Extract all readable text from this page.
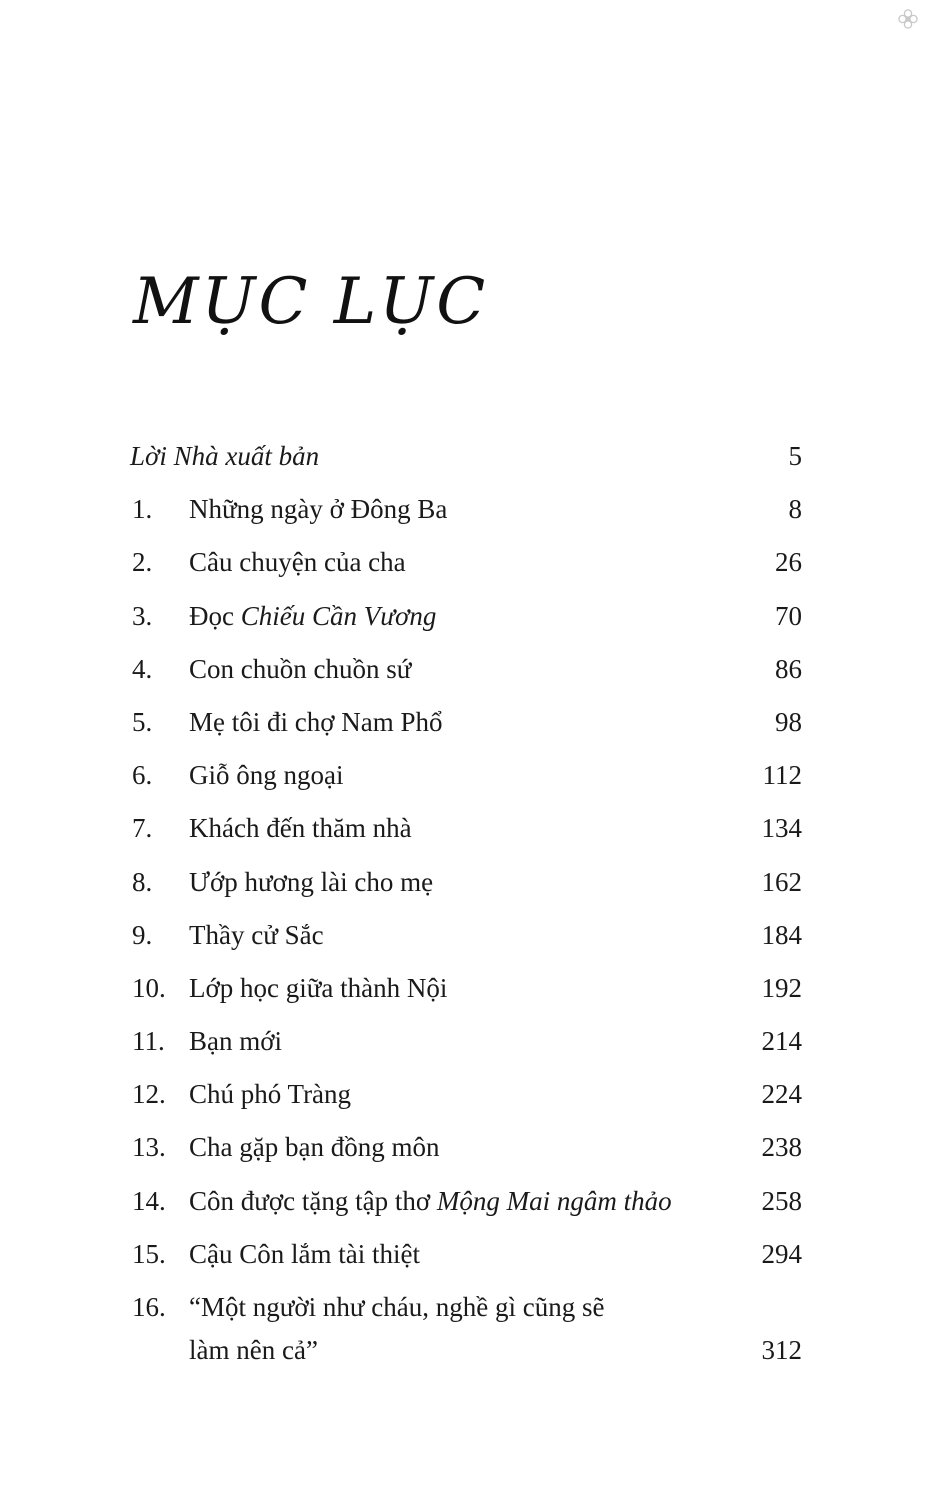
MỤC LỤC
Lời Nhà xuất bản	5
1. Những ngày ở Đông Ba	8
2. Câu chuyện của cha	26
3. Đọc Chiếu Cần Vương	70
4. Con chuồn chuồn sứ	86
5. Mẹ tôi đi chợ Nam Phổ	98
6. Giỗ ông ngoại	112
7. Khách đến thăm nhà	134
8. Ướp hương lài cho mẹ	162
9. Thầy cử Sắc	184
10. Lớp học giữa thành Nội	192
11. Bạn mới	214
12. Chú phó Tràng	224
13. Cha gặp bạn đồng môn	238
14. Côn được tặng tập thơ Mộng Mai ngâm thảo	258
15. Cậu Côn lắm tài thiệt	294
16. “Một người như cháu, nghề gì cũng sẽ
làm nên cả”	312
